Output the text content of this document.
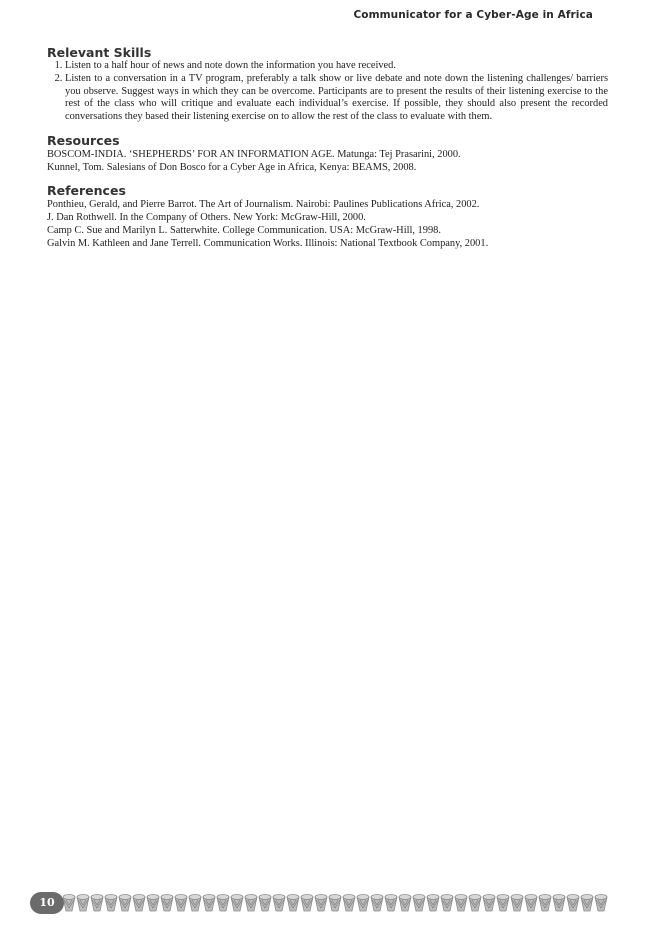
Communicator for a Cyber-Age in Africa
Relevant Skills
1. Listen to a half hour of news and note down the information you have received.
2. Listen to a conversation in a TV program, preferably a talk show or live debate and note down the listening challenges/ barriers you observe. Suggest ways in which they can be overcome. Participants are to present the results of their listening exercise to the rest of the class who will critique and evaluate each individual’s exercise. If possible, they should also present the recorded conversations they based their listening exercise on to allow the rest of the class to evaluate with them.
Resources

BOSCOM-INDIA. ‘SHEPHERDS’ FOR AN INFORMATION AGE. Matunga: Tej Prasarini, 2000.

Kunnel, Tom. Salesians of Don Bosco for a Cyber Age in Africa, Kenya: BEAMS, 2008.

References

Ponthieu, Gerald, and Pierre Barrot. The Art of Journalism. Nairobi: Paulines Publications Africa, 2002.

J. Dan Rothwell. In the Company of Others. New York: McGraw-Hill, 2000.

Camp C. Sue and Marilyn L. Satterwhite. College Communication. USA: McGraw-Hill, 1998.

Galvin M. Kathleen and Jane Terrell. Communication Works. Illinois: National Textbook Company, 2001.

10
